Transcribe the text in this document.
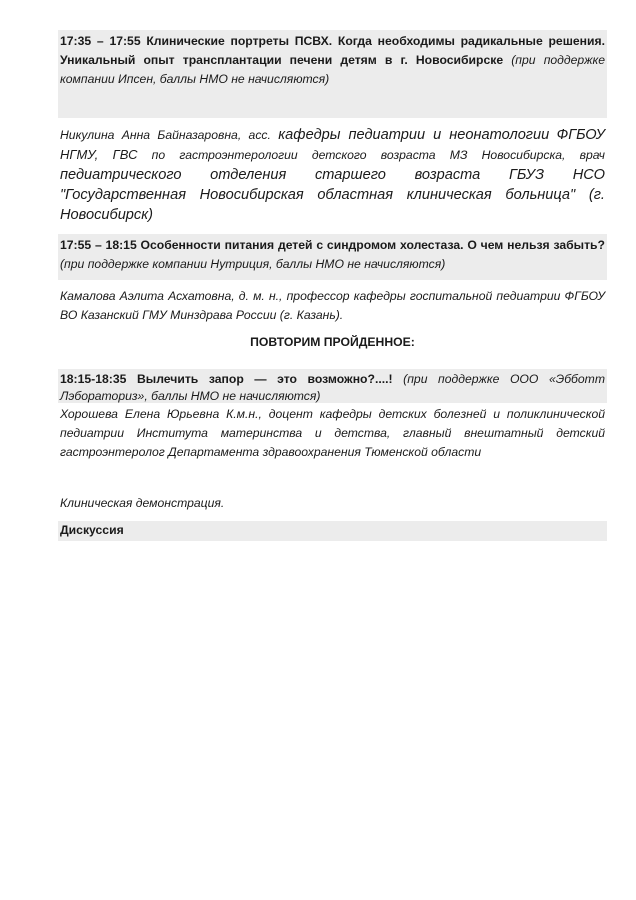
17:35 – 17:55 Клинические портреты ПСВХ. Когда необходимы радикальные решения. Уникальный опыт трансплантации печени детям в г. Новосибирске (при поддержке компании Ипсен, баллы НМО не начисляются)
Никулина Анна Байназаровна, асс. кафедры педиатрии и неонатологии ФГБОУ НГМУ, ГВС по гастроэнтерологии детского возраста МЗ Новосибирска, врач педиатрического отделения старшего возраста ГБУЗ НСО "Государственная Новосибирская областная клиническая больница" (г. Новосибирск)
17:55 – 18:15 Особенности питания детей с синдромом холестаза. О чем нельзя забыть? (при поддержке компании Нутриция, баллы НМО не начисляются)
Камалова Аэлита Асхатовна, д. м. н., профессор кафедры госпитальной педиатрии ФГБОУ ВО Казанский ГМУ Минздрава России (г. Казань).
ПОВТОРИМ ПРОЙДЕННОЕ:
18:15-18:35 Вылечить запор — это возможно?....! (при поддержке ООО «Эбботт Лэбораториз», баллы НМО не начисляются)
Хорошева Елена Юрьевна К.м.н., доцент кафедры детских болезней и поликлинической педиатрии Института материнства и детства, главный внештатный детский гастроэнтеролог Департамента здравоохранения Тюменской области
Клиническая демонстрация.
Дискуссия
